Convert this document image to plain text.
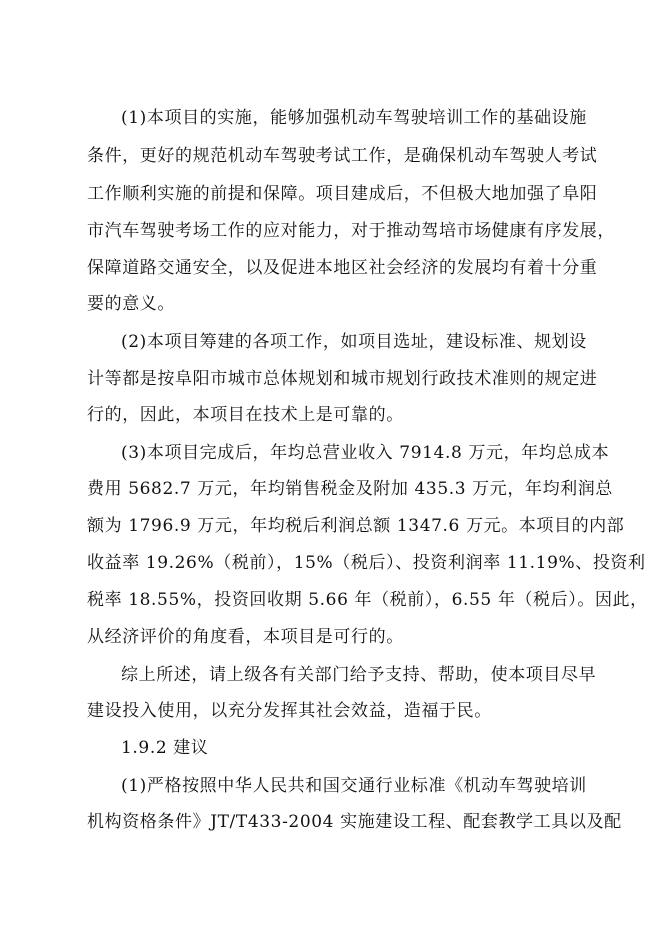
(1)本项目的实施，能够加强机动车驾驶培训工作的基础设施
条件，更好的规范机动车驾驶考试工作，是确保机动车驾驶人考试
工作顺利实施的前提和保障。项目建成后，不但极大地加强了阜阳
市汽车驾驶考场工作的应对能力，对于推动驾培市场健康有序发展，
保障道路交通安全，以及促进本地区社会经济的发展均有着十分重
要的意义。
(2)本项目筹建的各项工作，如项目选址，建设标准、规划设
计等都是按阜阳市城市总体规划和城市规划行政技术准则的规定进
行的，因此，本项目在技术上是可靠的。
(3)本项目完成后，年均总营业收入 7914.8 万元，年均总成本
费用 5682.7 万元，年均销售税金及附加 435.3 万元，年均利润总
额为 1796.9 万元，年均税后利润总额 1347.6 万元。本项目的内部
收益率 19.26%（税前），15%（税后）、投资利润率 11.19%、投资利
税率 18.55%，投资回收期 5.66 年（税前），6.55 年（税后）。因此，
从经济评价的角度看，本项目是可行的。
综上所述，请上级各有关部门给予支持、帮助，使本项目尽早
建设投入使用，以充分发挥其社会效益，造福于民。
1.9.2 建议
(1)严格按照中华人民共和国交通行业标准《机动车驾驶培训
机构资格条件》JT/T433-2004 实施建设工程、配套教学工具以及配
